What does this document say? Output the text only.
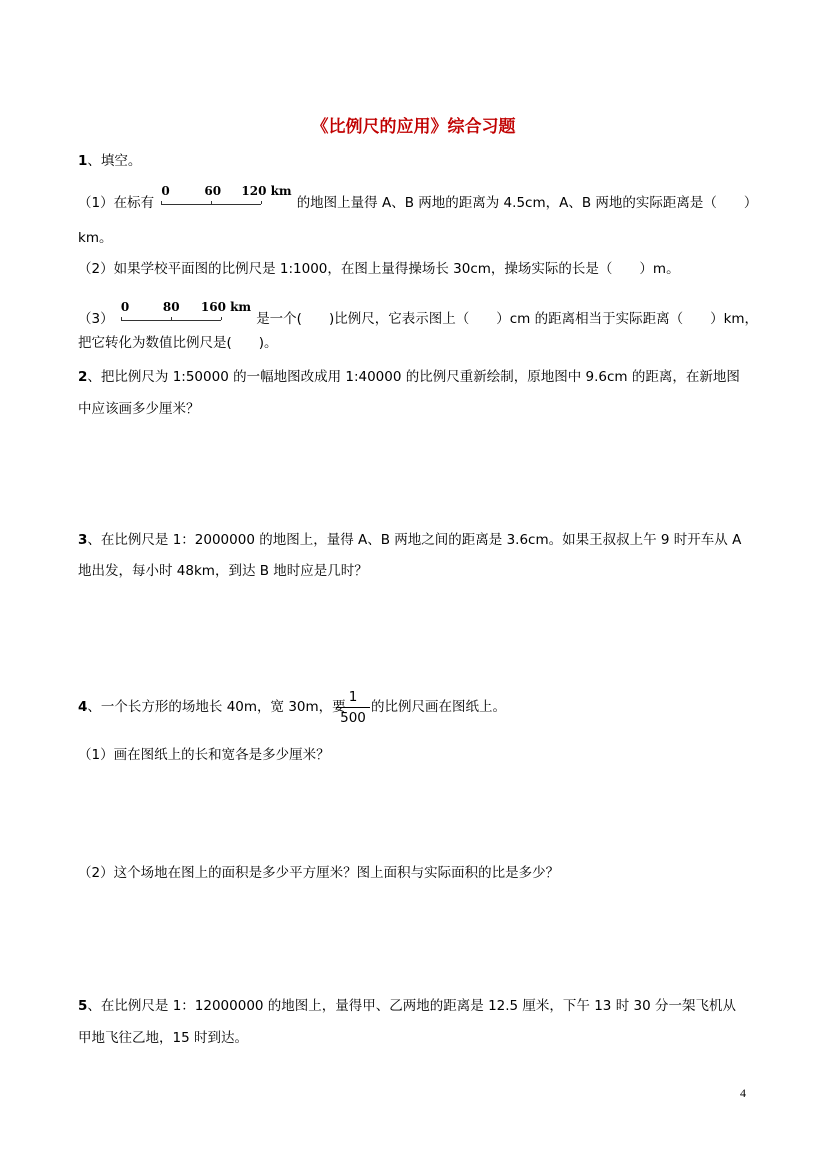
《比例尺的应用》综合习题
1、填空。
（1）在标有
0	60 120 km
的地图上量得 A、B 两地的距离为 4.5cm，A、B 两地的实际距离是（　　）
km。
（2）如果学校平面图的比例尺是 1:1000，在图上量得操场长 30cm，操场实际的长是（　　）m。
（3）
0	80 160 km
是一个(　　)比例尺，它表示图上（　　）cm 的距离相当于实际距离（　　）km，
把它转化为数值比例尺是(　　)。
2、把比例尺为 1:50000 的一幅地图改成用 1:40000 的比例尺重新绘制，原地图中 9.6cm 的距离，在新地图
中应该画多少厘米？
3、在比例尺是 1：2000000 的地图上，量得 A、B 两地之间的距离是 3.6cm。如果王叔叔上午 9 时开车从 A
地出发，每小时 48km，到达 B 地时应是几时？
4、一个长方形的场地长 40m，宽 30m，要
1
500
的比例尺画在图纸上。
（1）画在图纸上的长和宽各是多少厘米？
（2）这个场地在图上的面积是多少平方厘米？图上面积与实际面积的比是多少？
5、在比例尺是 1：12000000 的地图上，量得甲、乙两地的距离是 12.5 厘米，下午 13 时 30 分一架飞机从
甲地飞往乙地，15 时到达。
4
